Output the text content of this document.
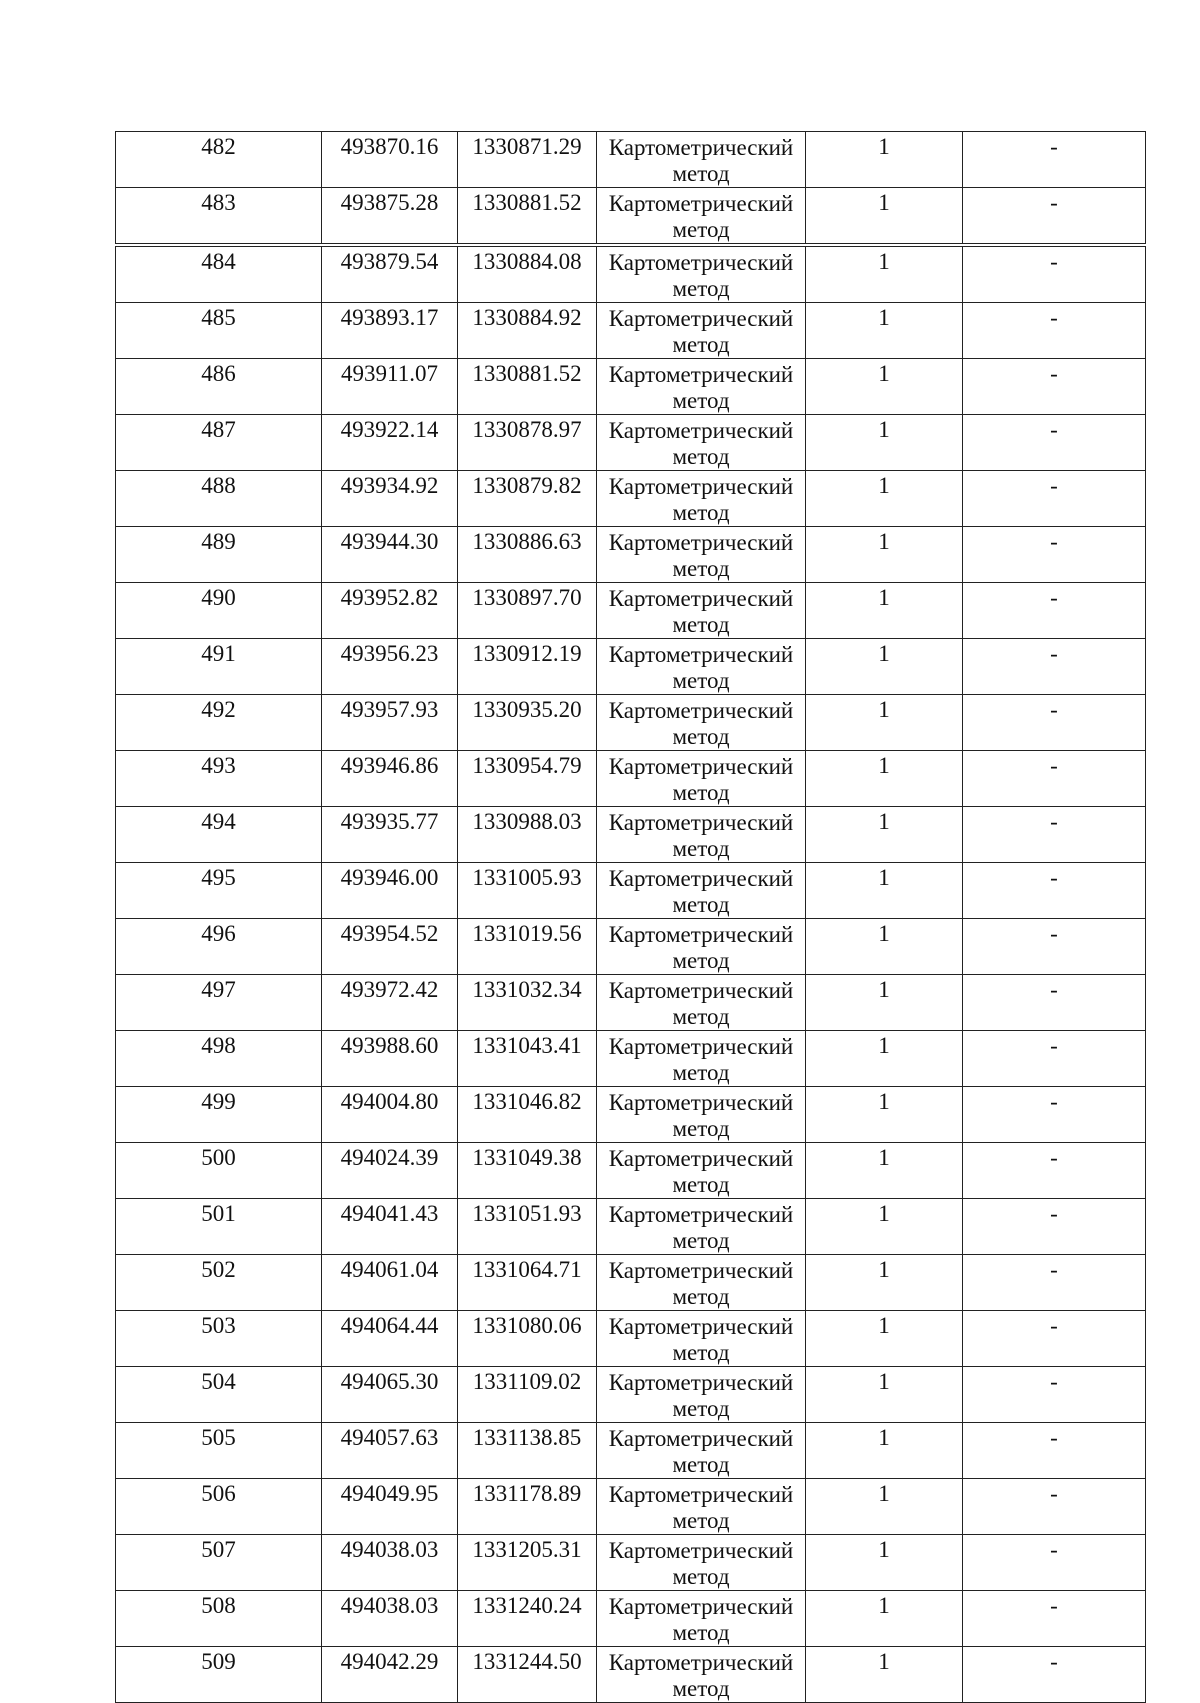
482	493870.16	1330871.29	Картометрический метод	1	-

483	493875.28	1330881.52	Картометрический метод	1	-

484	493879.54	1330884.08	Картометрический метод	1	-

485	493893.17	1330884.92	Картометрический метод	1	-

486	493911.07	1330881.52	Картометрический метод	1	-

487	493922.14	1330878.97	Картометрический метод	1	-

488	493934.92	1330879.82	Картометрический метод	1	-

489	493944.30	1330886.63	Картометрический метод	1	-

490	493952.82	1330897.70	Картометрический метод	1	-

491	493956.23	1330912.19	Картометрический метод	1	-

492	493957.93	1330935.20	Картометрический метод	1	-

493	493946.86	1330954.79	Картометрический метод	1	-

494	493935.77	1330988.03	Картометрический метод	1	-

495	493946.00	1331005.93	Картометрический метод	1	-

496	493954.52	1331019.56	Картометрический метод	1	-

497	493972.42	1331032.34	Картометрический метод	1	-

498	493988.60	1331043.41	Картометрический метод	1	-

499	494004.80	1331046.82	Картометрический метод	1	-

500	494024.39	1331049.38	Картометрический метод	1	-

501	494041.43	1331051.93	Картометрический метод	1	-

502	494061.04	1331064.71	Картометрический метод	1	-

503	494064.44	1331080.06	Картометрический метод	1	-

504	494065.30	1331109.02	Картометрический метод	1	-

505	494057.63	1331138.85	Картометрический метод	1	-

506	494049.95	1331178.89	Картометрический метод	1	-

507	494038.03	1331205.31	Картометрический метод	1	-

508	494038.03	1331240.24	Картометрический метод	1	-

509	494042.29	1331244.50	Картометрический метод	1	-
